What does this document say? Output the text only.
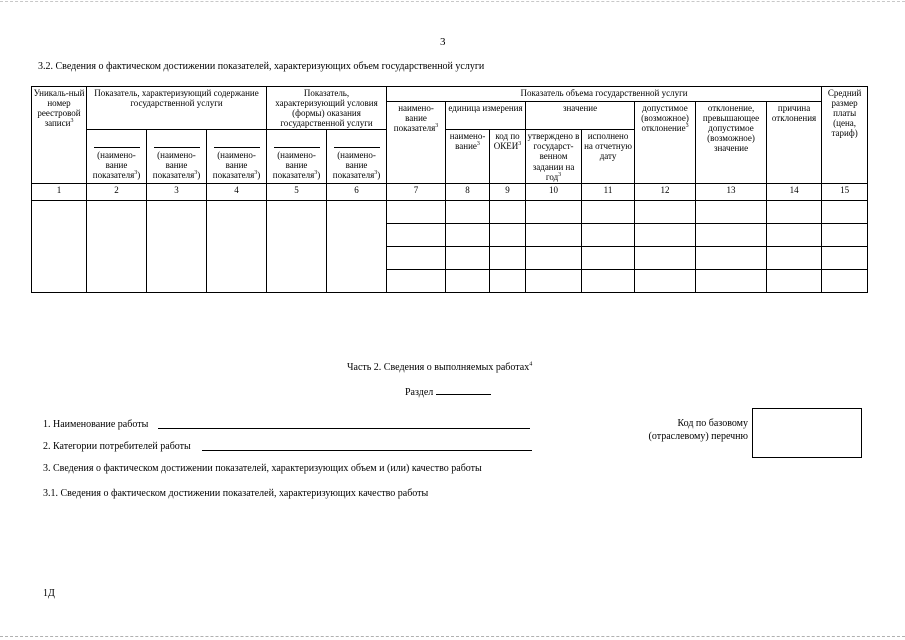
3
3.2. Сведения о фактическом достижении показателей, характеризующих объем государственной услуги
Уникаль-ный номер реестровой записи$^3$	Показатель, характеризующий содержание государственной услуги			Показатель, характеризующий условия (формы) оказания государственной услуги		Показатель объема государственной услуги								Средний размер платы (цена, тариф)
						наимено-вание показателя$^3$	единица измерения		значение		допустимое (возможное) отклонение$^3$	отклонение, превышающее допустимое (возможное) значение	причина отклонения	

(наимено-вание показателя$^3$)	(наимено-вание показателя$^3$)	(наимено-вание показателя$^3$)	(наимено-вание показателя$^3$)	(наимено-вание показателя$^3$)		наимено-вание$^3$	код по ОКЕИ$^3$	утверждено в государст-венном задании на год$^3$	исполнено на отчетную дату				

1	2	3	4	5	6	7	8	9	10	11	12	13	14	15

Часть 2. Сведения о выполняемых работах$^4$
Раздел
1. Наименование работы
2. Категории потребителей работы
Код по базовому (отраслевому) перечню
3. Сведения о фактическом достижении показателей, характеризующих объем и (или) качество работы
3.1. Сведения о фактическом достижении показателей, характеризующих качество работы
1Д
